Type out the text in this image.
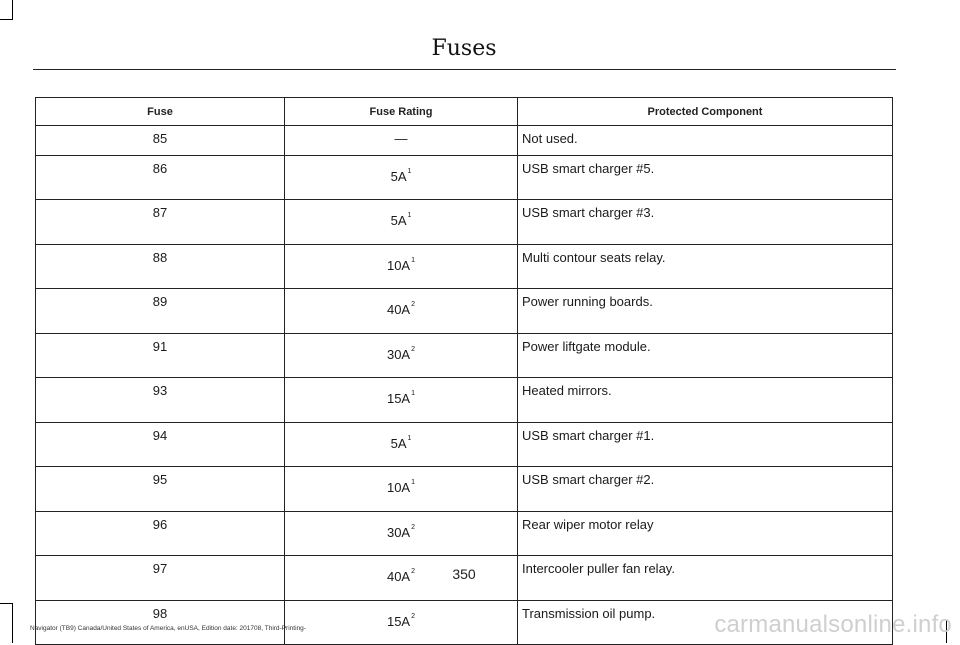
Fuses
Fuse	Fuse Rating	Protected Component
85	—	Not used.
86	$5A^1$	USB smart charger #5.
87	$5A^1$	USB smart charger #3.
88	$10A^1$	Multi contour seats relay.
89	$40A^2$	Power running boards.
91	$30A^2$	Power liftgate module.
93	$15A^1$	Heated mirrors.
94	$5A^1$	USB smart charger #1.
95	$10A^1$	USB smart charger #2.
96	$30A^2$	Rear wiper motor relay
97	$40A^2$	Intercooler puller fan relay.
98	$15A^2$	Transmission oil pump.
350
Navigator (TB9) Canada/United States of America, enUSA, Edition date: 201708, Third-Printing-	carmanualsonline.info
